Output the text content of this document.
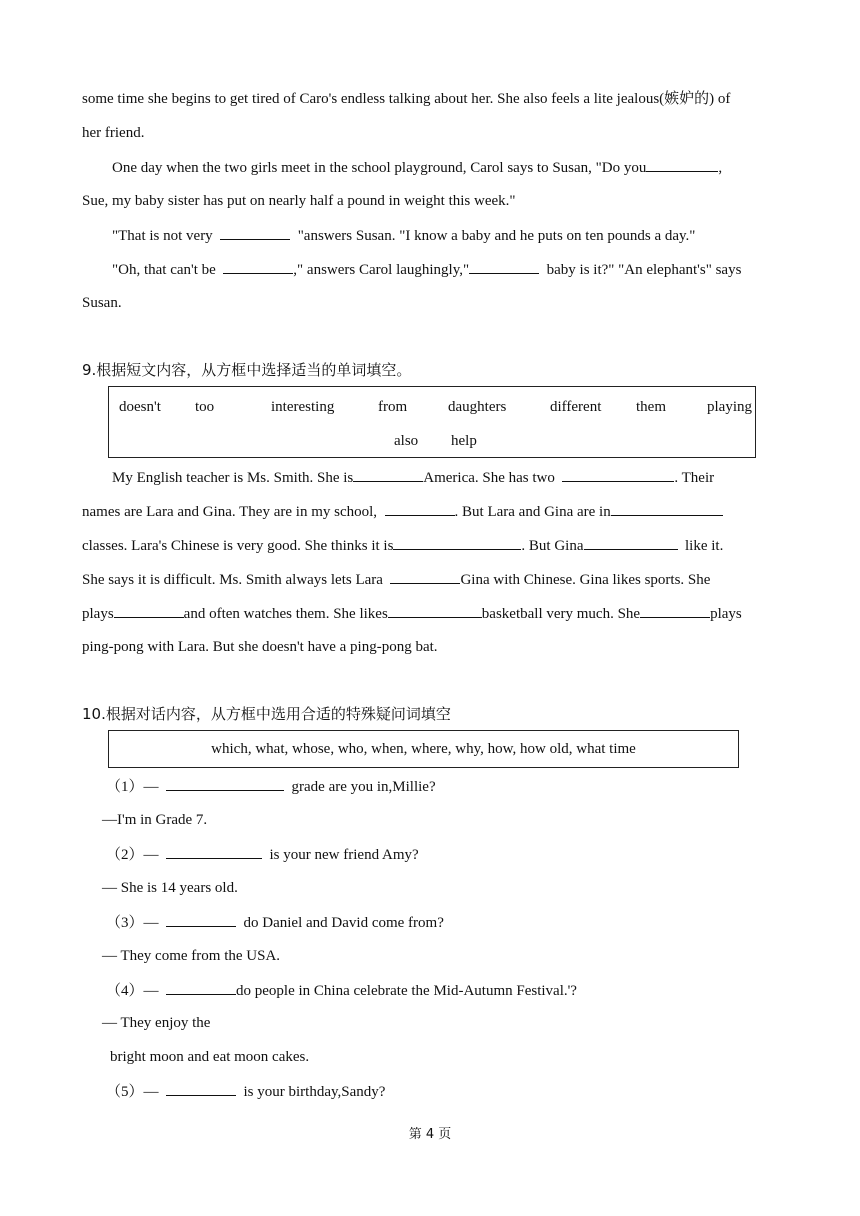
some time she begins to get tired of Caro's endless talking about her. She also feels a lite jealous(嫉妒的) of
her friend.
One day when the two girls meet in the school playground, Carol says to Susan, "Do you	,
Sue, my baby sister has put on nearly half a pound in weight this week."
"That is not very	"answers Susan. "I know a baby and he puts on ten pounds a day."
"Oh, that can't be	," answers Carol laughingly,"	baby is it?" "An elephant's" says
Susan.
9.根据短文内容，从方框中选择适当的单词填空。
doesn't too	interesting	from	daughters	different them	playing
also help
My English teacher is Ms. Smith. She is	America. She has two	. Their
names are Lara and Gina. They are in my school,	. But Lara and Gina are in
classes. Lara's Chinese is very good. She thinks it is	. But Gina	like it.
She says it is difficult. Ms. Smith always lets Lara	Gina with Chinese. Gina likes sports. She
plays	and often watches them. She likes	basketball very much. She	plays
ping-pong with Lara. But she doesn't have a ping-pong bat.
10.根据对话内容，从方框中选用合适的特殊疑问词填空
which, what, whose, who, when, where, why, how, how old, what time
（1）—	grade are you in,Millie?
—I'm in Grade 7.
（2）—	is your new friend Amy?
— She is 14 years old.
（3）—	do Daniel and David come from?
— They come from the USA.
（4）—	do people in China celebrate the Mid-Autumn Festival.'?
— They enjoy the
bright moon and eat moon cakes.
（5）—	is your birthday,Sandy?
第 4 页
